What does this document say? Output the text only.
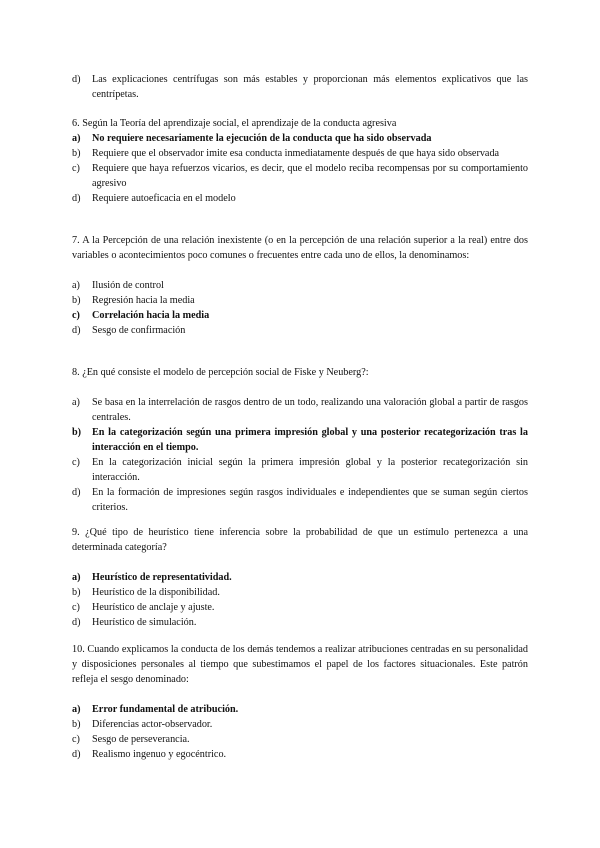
d) Las explicaciones centrífugas son más estables y proporcionan más elementos explicativos que las centrípetas.
6. Según la Teoría del aprendizaje social, el aprendizaje de la conducta agresiva
a) No requiere necesariamente la ejecución de la conducta que ha sido observada
b) Requiere que el observador imite esa conducta inmediatamente después de que haya sido observada
c) Requiere que haya refuerzos vicarios, es decir, que el modelo reciba recompensas por su comportamiento agresivo
d) Requiere autoeficacia en el modelo
7. A la Percepción de una relación inexistente (o en la percepción de una relación superior a la real) entre dos variables o acontecimientos poco comunes o frecuentes entre cada uno de ellos, la denominamos:
a) Ilusión de control
b) Regresión hacia la media
c) Correlación hacia la media
d) Sesgo de confirmación
8. ¿En qué consiste el modelo de percepción social de Fiske y Neuberg?:
a) Se basa en la interrelación de rasgos dentro de un todo, realizando una valoración global a partir de rasgos centrales.
b) En la categorización según una primera impresión global y una posterior recategorización tras la interacción en el tiempo.
c) En la categorización inicial según la primera impresión global y la posterior recategorización sin interacción.
d) En la formación de impresiones según rasgos individuales e independientes que se suman según ciertos criterios.
9. ¿Qué tipo de heurístico tiene inferencia sobre la probabilidad de que un estímulo pertenezca a una determinada categoría?
a) Heurístico de representatividad.
b) Heurístico de la disponibilidad.
c) Heurístico de anclaje y ajuste.
d) Heurístico de simulación.
10. Cuando explicamos la conducta de los demás tendemos a realizar atribuciones centradas en su personalidad y disposiciones personales al tiempo que subestimamos el papel de los factores situacionales. Este patrón refleja el sesgo denominado:
a) Error fundamental de atribución.
b) Diferencias actor-observador.
c) Sesgo de perseverancia.
d) Realismo ingenuo y egocéntrico.
